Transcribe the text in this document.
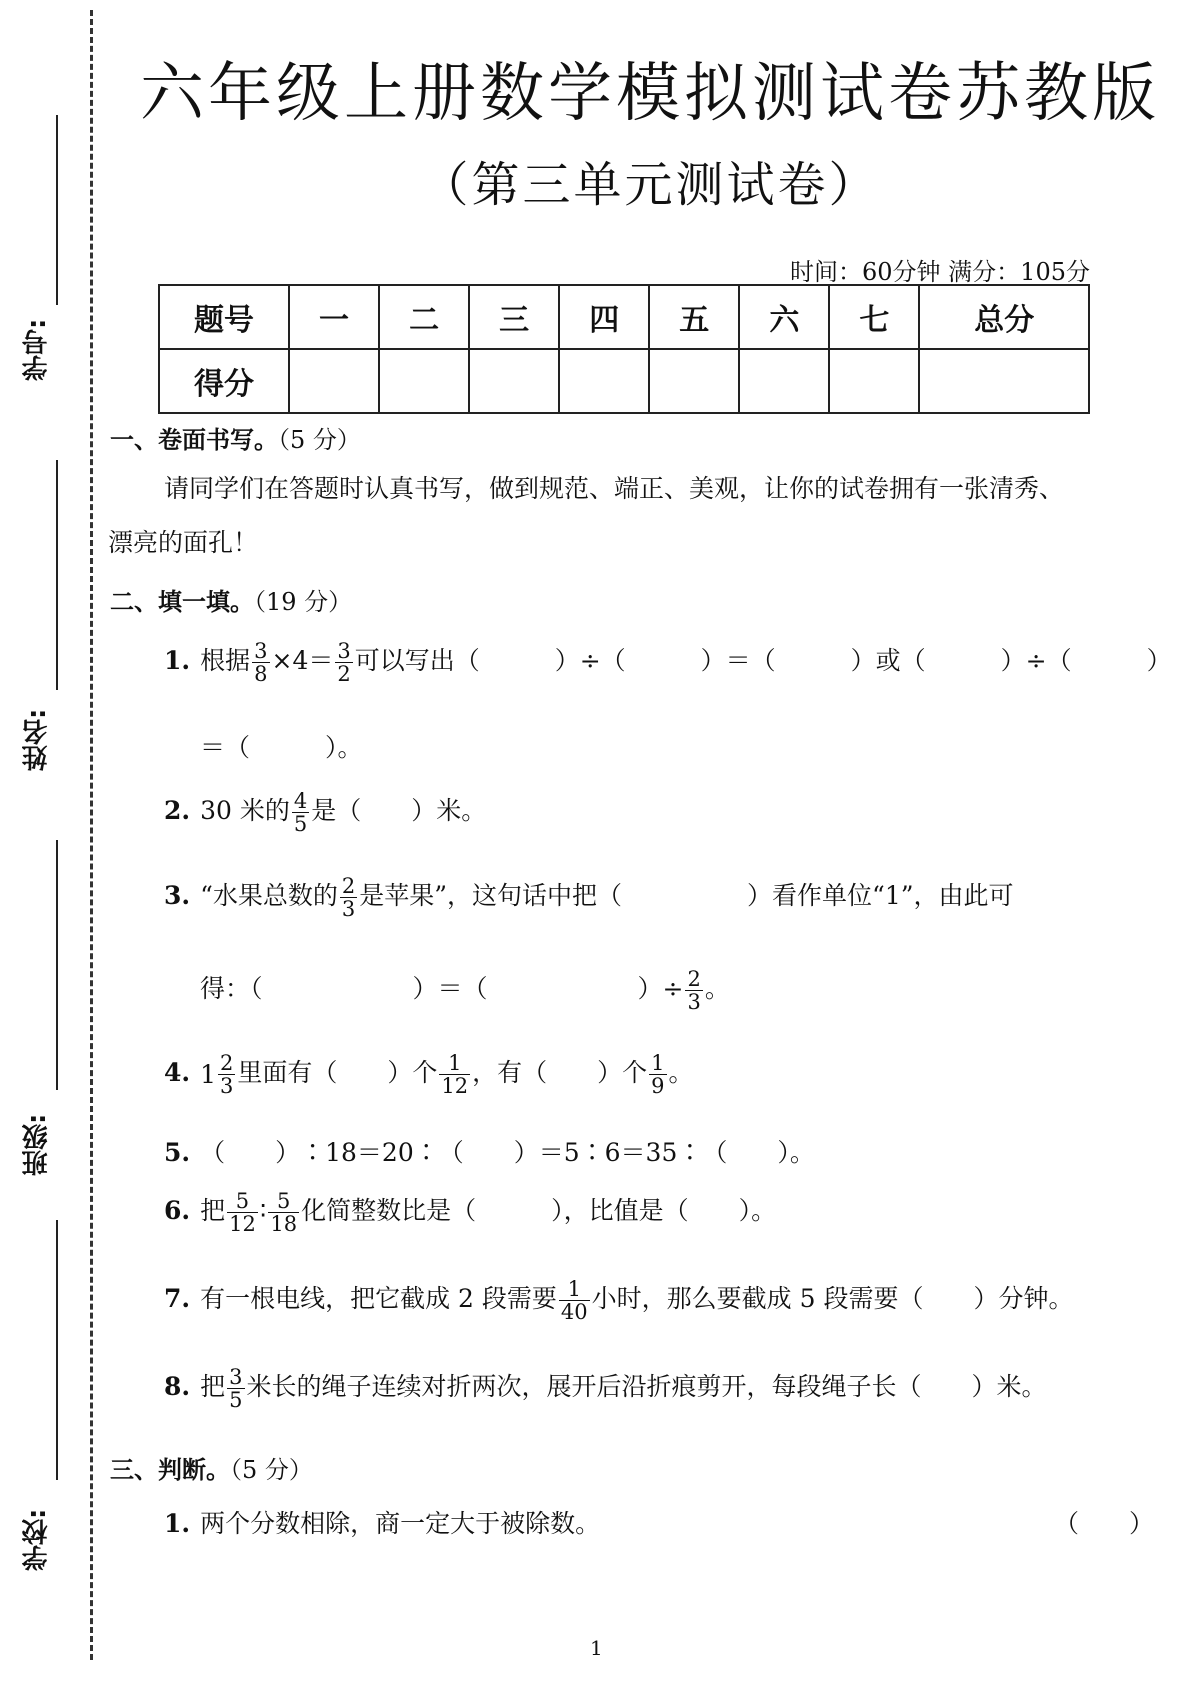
学号:
姓名:
班级:
学校:
六年级上册数学模拟测试卷苏教版
（第三单元测试卷）
时间：60分钟 满分：105分
题号	一	二	三	四	五	六	七	总分
得分								
一、卷面书写。（5 分）
请同学们在答题时认真书写，做到规范、端正、美观，让你的试卷拥有一张清秀、
漂亮的面孔！
二、填一填。（19 分）
1. 根据 $\frac{3}{8} \times 4= \frac{3}{2}$ 可以写出（　　　）÷（　　　）＝（　　　）或（　　　）÷（　　　）
＝（　　　）。
2. 30 米的 $\frac{4}{5}$ 是（　　）米。
3. “水果总数的 $\frac{2}{3}$ 是苹果”，这句话中把（　　　　　）看作单位“1”，由此可
得：（　　　　　　）＝（　　　　　　）÷ $\frac{2}{3}$ 。
4. $1 \frac{2}{3}$ 里面有（　　）个 $\frac{1}{12}$ ，有（　　）个 $\frac{1}{9}$ 。
5. （　　）∶18＝20∶（　　）＝5∶6＝35∶（　　）。
6. 把 $\frac{5}{12}$ ∶ $\frac{5}{18}$ 化简整数比是（　　　），比值是（　　）。
7. 有一根电线，把它截成 2 段需要 $\frac{1}{40}$ 小时，那么要截成 5 段需要（　　）分钟。
8. 把 $\frac{3}{5}$ 米长的绳子连续对折两次，展开后沿折痕剪开，每段绳子长（　　）米。
三、判断。（5 分）
1. 两个分数相除，商一定大于被除数。	（　　）
1
